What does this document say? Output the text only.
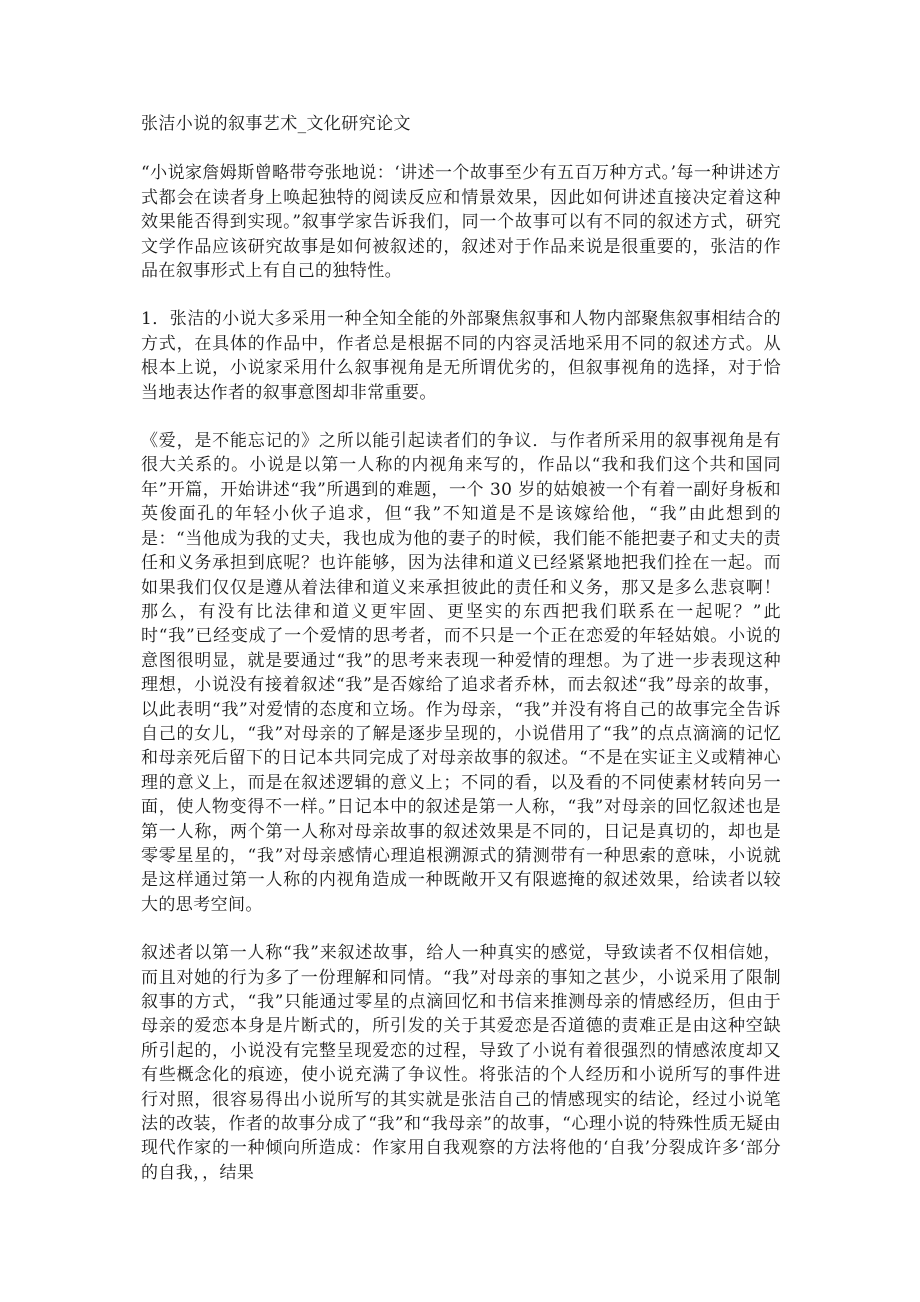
张洁小说的叙事艺术_文化研究论文

“小说家詹姆斯曾略带夸张地说：‘讲述一个故事至少有五百万种方式。’每一种讲述方式都会在读者身上唤起独特的阅读反应和情景效果，因此如何讲述直接决定着这种效果能否得到实现。”叙事学家告诉我们，同一个故事可以有不同的叙述方式，研究文学作品应该研究故事是如何被叙述的，叙述对于作品来说是很重要的，张洁的作品在叙事形式上有自己的独特性。

1．张洁的小说大多采用一种全知全能的外部聚焦叙事和人物内部聚焦叙事相结合的方式，在具体的作品中，作者总是根据不同的内容灵活地采用不同的叙述方式。从根本上说，小说家采用什么叙事视角是无所谓优劣的，但叙事视角的选择，对于恰当地表达作者的叙事意图却非常重要。

《爱，是不能忘记的》之所以能引起读者们的争议．与作者所采用的叙事视角是有很大关系的。小说是以第一人称的内视角来写的，作品以“我和我们这个共和国同年”开篇，开始讲述“我”所遇到的难题，一个 30 岁的姑娘被一个有着一副好身板和英俊面孔的年轻小伙子追求，但“我”不知道是不是该嫁给他，“我”由此想到的是：“当他成为我的丈夫，我也成为他的妻子的时候，我们能不能把妻子和丈夫的责任和义务承担到底呢？也许能够，因为法律和道义已经紧紧地把我们拴在一起。而如果我们仅仅是遵从着法律和道义来承担彼此的责任和义务，那又是多么悲哀啊！那么，有没有比法律和道义更牢固、更坚实的东西把我们联系在一起呢？”此时“我”已经变成了一个爱情的思考者，而不只是一个正在恋爱的年轻姑娘。小说的意图很明显，就是要通过“我”的思考来表现一种爱情的理想。为了进一步表现这种理想，小说没有接着叙述“我”是否嫁给了追求者乔林，而去叙述“我”母亲的故事，以此表明“我”对爱情的态度和立场。作为母亲，“我”并没有将自己的故事完全告诉自己的女儿，“我”对母亲的了解是逐步呈现的，小说借用了“我”的点点滴滴的记忆和母亲死后留下的日记本共同完成了对母亲故事的叙述。“不是在实证主义或精神心理的意义上，而是在叙述逻辑的意义上；不同的看，以及看的不同使素材转向另一面，使人物变得不一样。”日记本中的叙述是第一人称，“我”对母亲的回忆叙述也是第一人称，两个第一人称对母亲故事的叙述效果是不同的，日记是真切的，却也是零零星星的，“我”对母亲感情心理追根溯源式的猜测带有一种思索的意味，小说就是这样通过第一人称的内视角造成一种既敞开又有限遮掩的叙述效果，给读者以较大的思考空间。

叙述者以第一人称“我”来叙述故事，给人一种真实的感觉，导致读者不仅相信她，而且对她的行为多了一份理解和同情。“我”对母亲的事知之甚少，小说采用了限制叙事的方式，“我”只能通过零星的点滴回忆和书信来推测母亲的情感经历，但由于母亲的爱恋本身是片断式的，所引发的关于其爱恋是否道德的责难正是由这种空缺所引起的，小说没有完整呈现爱恋的过程，导致了小说有着很强烈的情感浓度却又有些概念化的痕迹，使小说充满了争议性。将张洁的个人经历和小说所写的事件进行对照，很容易得出小说所写的其实就是张洁自己的情感现实的结论，经过小说笔法的改装，作者的故事分成了“我”和“我母亲”的故事，“心理小说的特殊性质无疑由现代作家的一种倾向所造成：作家用自我观察的方法将他的‘自我’分裂成许多‘部分的自我，，结果
